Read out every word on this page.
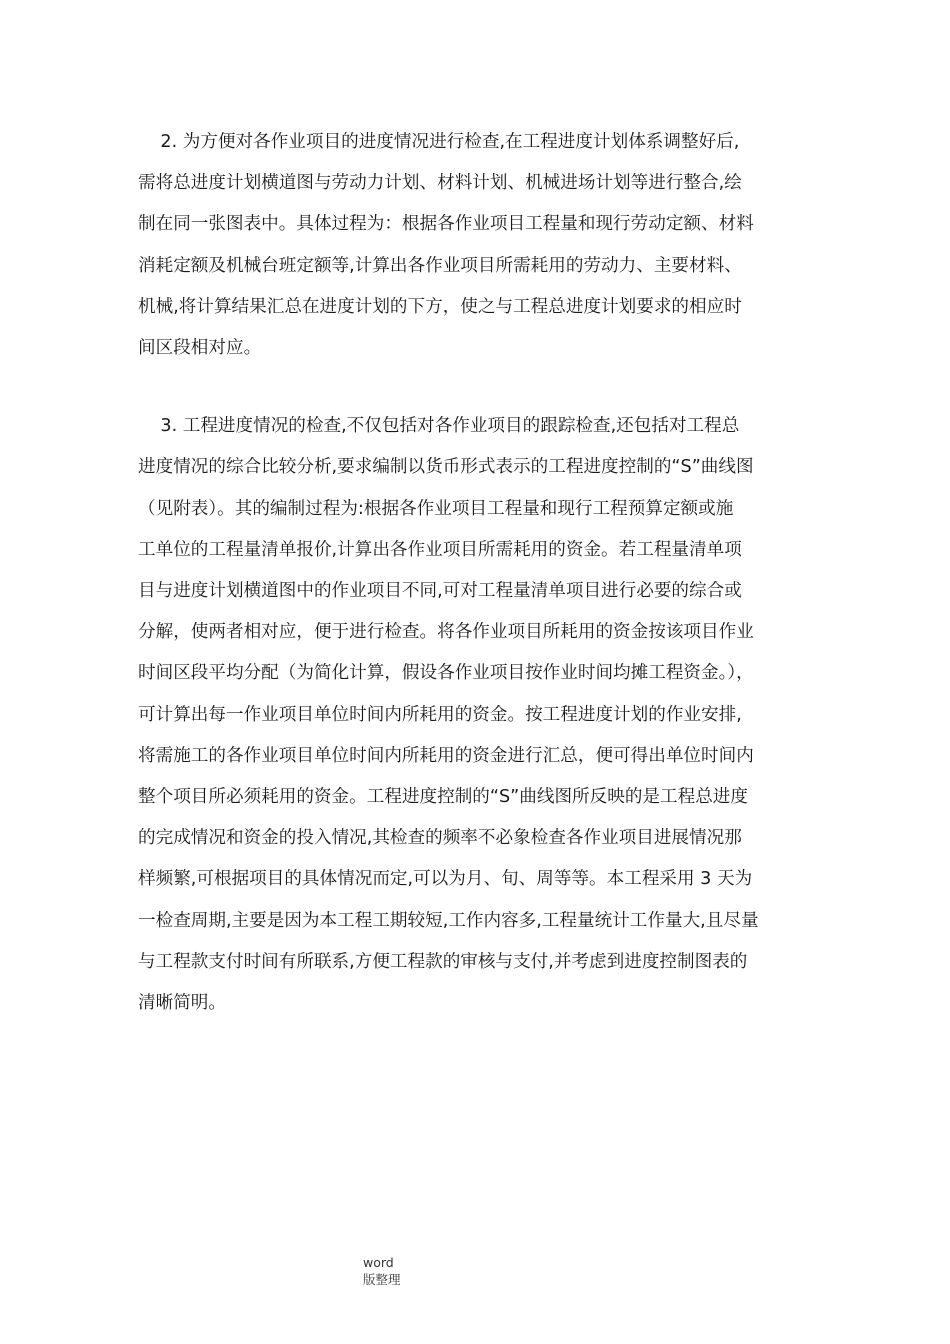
2. 为方便对各作业项目的进度情况进行检查,在工程进度计划体系调整好后,
需将总进度计划横道图与劳动力计划、材料计划、机械进场计划等进行整合,绘
制在同一张图表中。具体过程为：根据各作业项目工程量和现行劳动定额、材料
消耗定额及机械台班定额等,计算出各作业项目所需耗用的劳动力、主要材料、
机械,将计算结果汇总在进度计划的下方，使之与工程总进度计划要求的相应时
间区段相对应。

3. 工程进度情况的检查,不仅包括对各作业项目的跟踪检查,还包括对工程总
进度情况的综合比较分析,要求编制以货币形式表示的工程进度控制的“S”曲线图
（见附表）。其的编制过程为:根据各作业项目工程量和现行工程预算定额或施
工单位的工程量清单报价,计算出各作业项目所需耗用的资金。若工程量清单项
目与进度计划横道图中的作业项目不同,可对工程量清单项目进行必要的综合或
分解，使两者相对应，便于进行检查。将各作业项目所耗用的资金按该项目作业
时间区段平均分配（为简化计算，假设各作业项目按作业时间均摊工程资金。），
可计算出每一作业项目单位时间内所耗用的资金。按工程进度计划的作业安排,
将需施工的各作业项目单位时间内所耗用的资金进行汇总，便可得出单位时间内
整个项目所必须耗用的资金。工程进度控制的“S”曲线图所反映的是工程总进度
的完成情况和资金的投入情况,其检查的频率不必象检查各作业项目进展情况那
样频繁,可根据项目的具体情况而定,可以为月、旬、周等等。本工程采用 3 天为
一检查周期,主要是因为本工程工期较短,工作内容多,工程量统计工作量大,且尽量
与工程款支付时间有所联系,方便工程款的审核与支付,并考虑到进度控制图表的
清晰简明。

word
版整理
